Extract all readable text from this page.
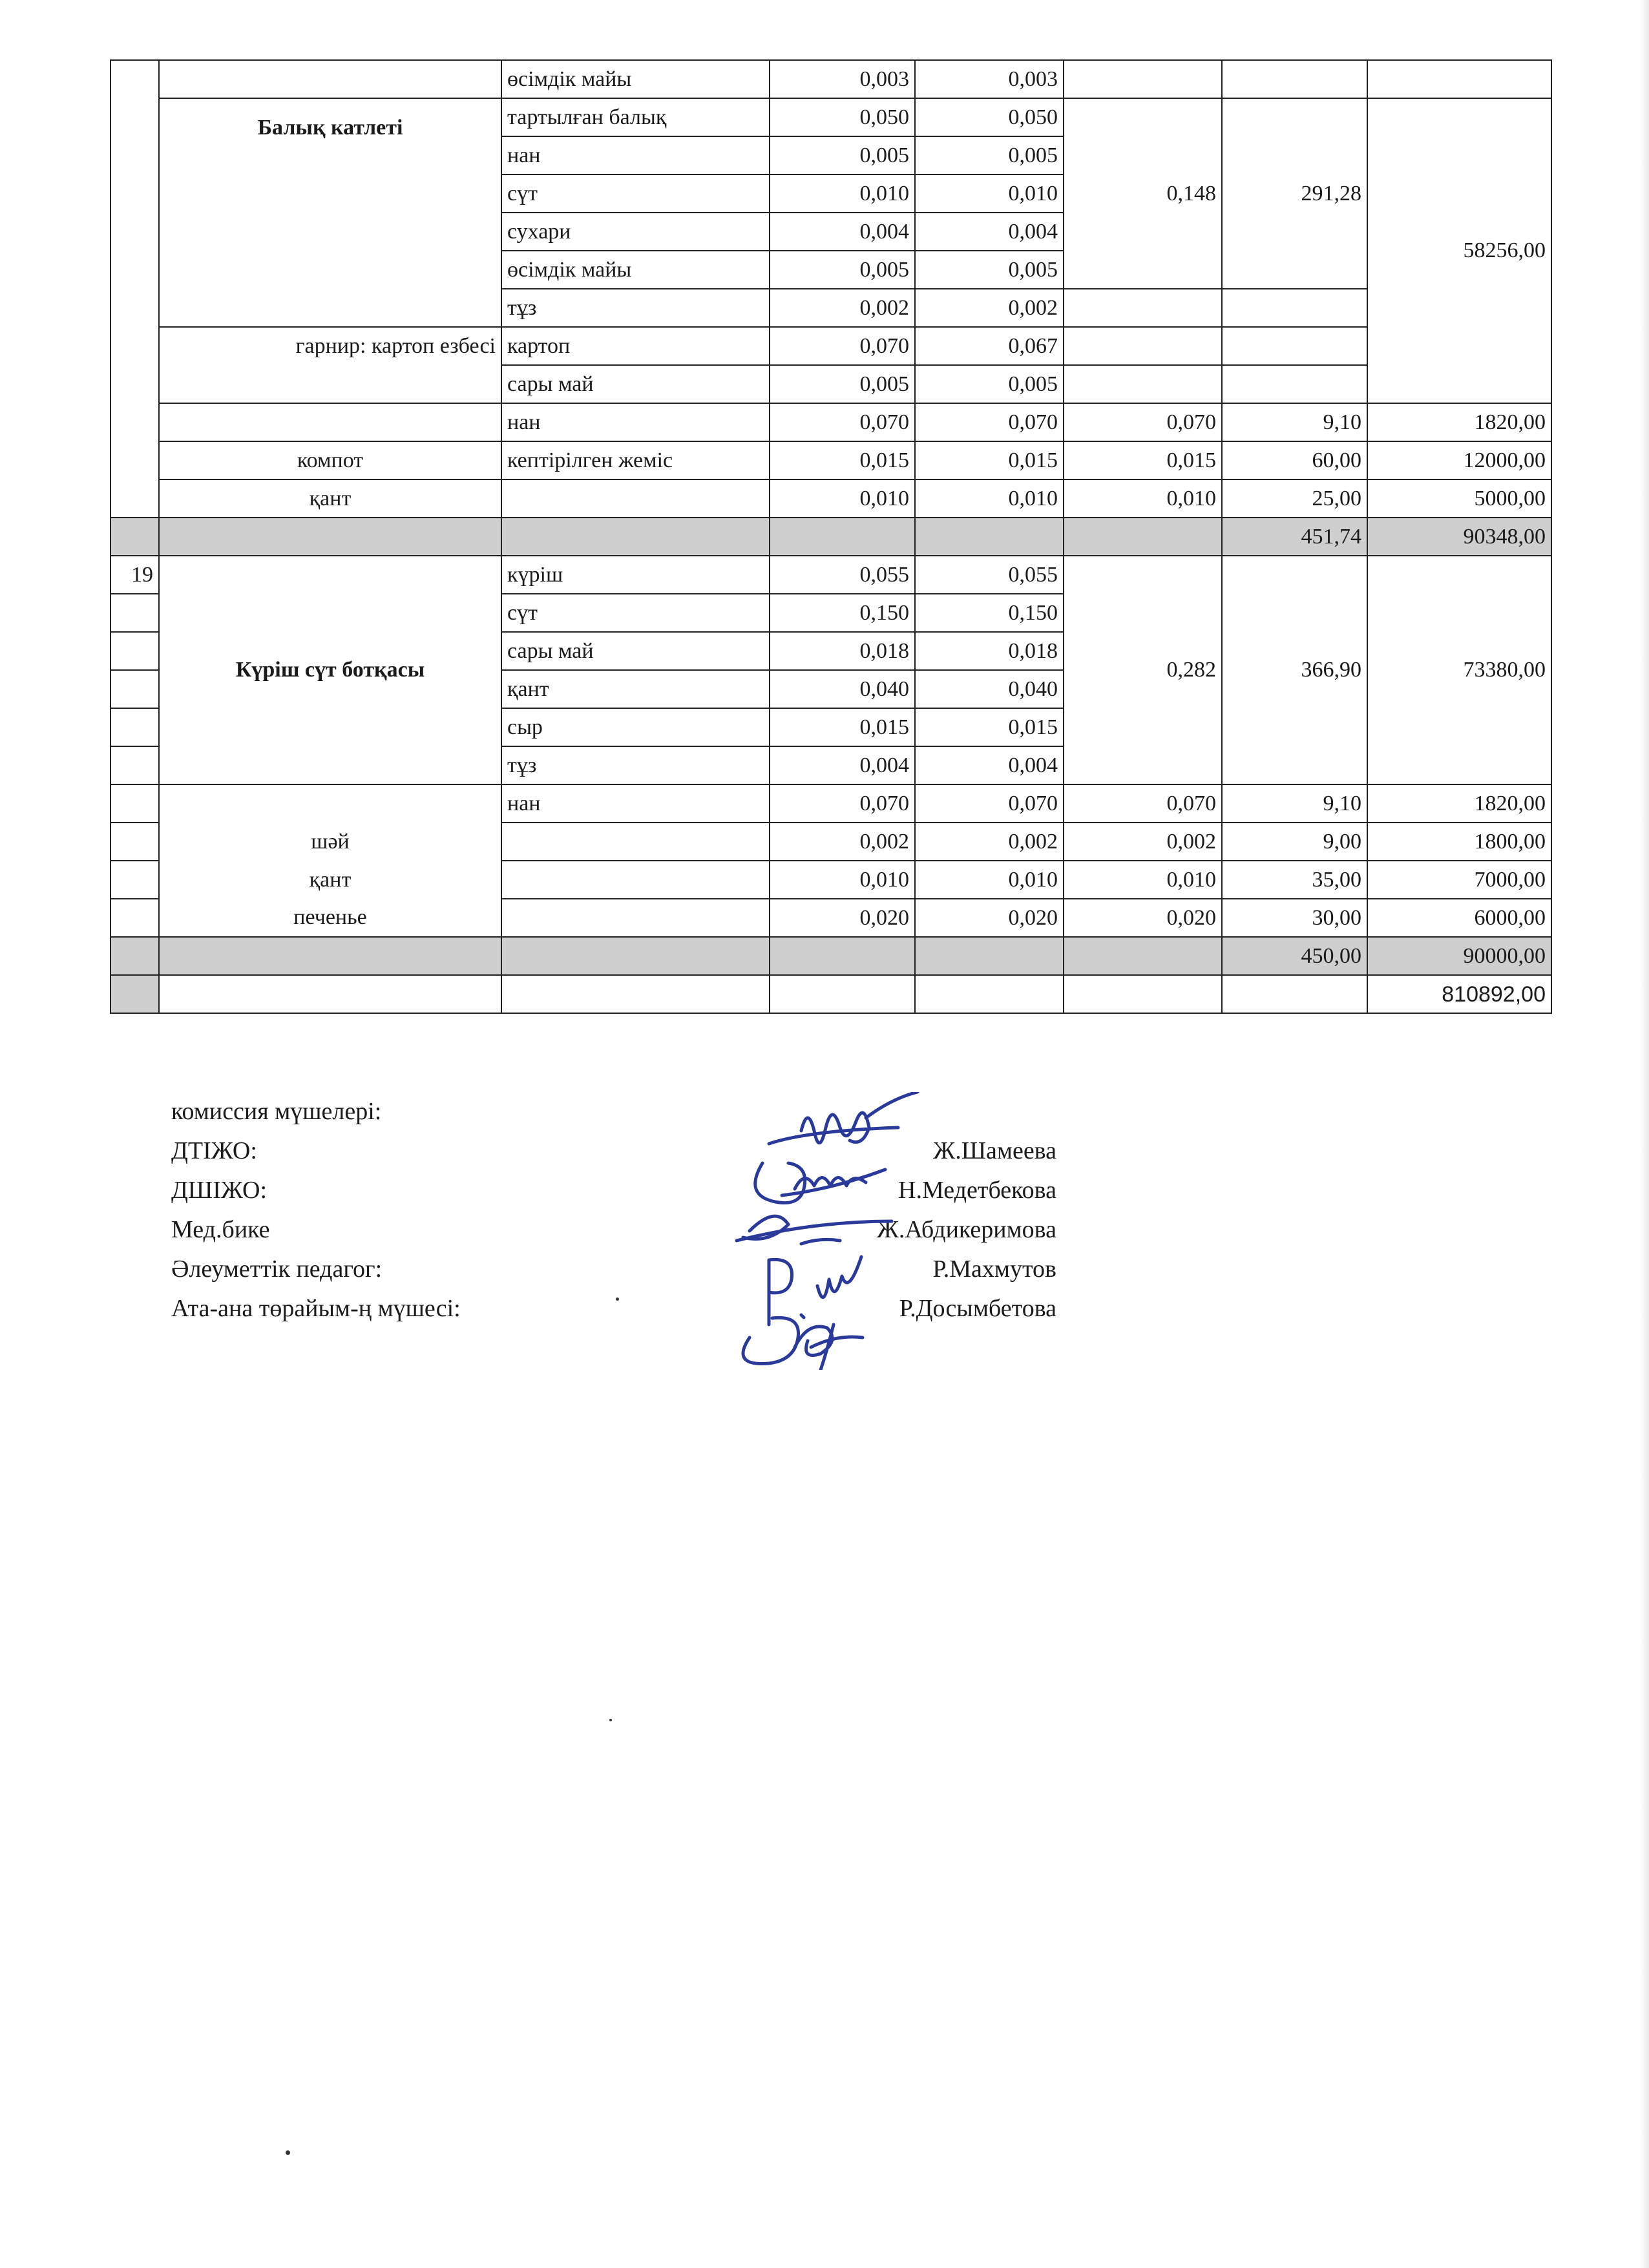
		өсімдік майы	0,003	0,003			
	Балық катлеті	тартылған балық	0,050	0,050	0,148	291,28	58256,00
		нан	0,005	0,005			
		сүт	0,010	0,010			
		сухари	0,004	0,004			
		өсімдік майы	0,005	0,005			
		тұз	0,002	0,002			
	гарнир: картоп езбесі	картоп	0,070	0,067			
		сары май	0,005	0,005			
		нан	0,070	0,070	0,070	9,10	1820,00
	компот	кептірілген жеміс	0,015	0,015	0,015	60,00	12000,00
	қант		0,010	0,010	0,010	25,00	5000,00
						451,74	90348,00
19	Күріш сүт ботқасы	күріш	0,055	0,055	0,282	366,90	73380,00
		сүт	0,150	0,150			
		сары май	0,018	0,018			
		қант	0,040	0,040			
		сыр	0,015	0,015			
		тұз	0,004	0,004			
		нан	0,070	0,070	0,070	9,10	1820,00
	шәй		0,002	0,002	0,002	9,00	1800,00
	қант		0,010	0,010	0,010	35,00	7000,00
	печенье		0,020	0,020	0,020	30,00	6000,00
						450,00	90000,00
							810892,00
комиссия мүшелері:
ДТІЖО:	Ж.Шамеева
ДШІЖО:	Н.Медетбекова
Мед.бике	Ж.Абдикеримова
Әлеуметтік педагог:	Р.Махмутов
Ата-ана төрайым-ң мүшесі:	Р.Досымбетова
